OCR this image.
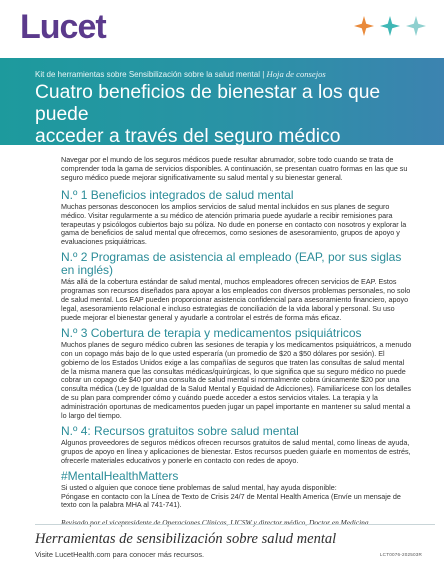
Lucet
Kit de herramientas sobre Sensibilización sobre la salud mental | Hoja de consejos
Cuatro beneficios de bienestar a los que puede
acceder a través del seguro médico

Navegar por el mundo de los seguros médicos puede resultar abrumador, sobre todo cuando se trata de comprender toda la gama de servicios disponibles. A continuación, se presentan cuatro formas en las que su seguro médico puede mejorar significativamente su salud mental y su bienestar general.

N.º 1 Beneficios integrados de salud mental

Muchas personas desconocen los amplios servicios de salud mental incluidos en sus planes de seguro médico. Visitar regularmente a su médico de atención primaria puede ayudarle a recibir remisiones para terapeutas y psicólogos cubiertos bajo su póliza. No dude en ponerse en contacto con nosotros y explorar la gama de beneficios de salud mental que ofrecemos, como sesiones de asesoramiento, grupos de apoyo y evaluaciones psiquiátricas.

N.º 2 Programas de asistencia al empleado (EAP, por sus siglas en inglés)

Más allá de la cobertura estándar de salud mental, muchos empleadores ofrecen servicios de EAP. Estos programas son recursos diseñados para apoyar a los empleados con diversos problemas personales, no solo de salud mental. Los EAP pueden proporcionar asistencia confidencial para asesoramiento financiero, apoyo legal, asesoramiento relacional e incluso estrategias de conciliación de la vida laboral y personal. Su uso puede mejorar el bienestar general y ayudarle a controlar el estrés de forma más eficaz.

N.º 3 Cobertura de terapia y medicamentos psiquiátricos

Muchos planes de seguro médico cubren las sesiones de terapia y los medicamentos psiquiátricos, a menudo con un copago más bajo de lo que usted esperaría (un promedio de $20 a $50 dólares por sesión). El gobierno de los Estados Unidos exige a las compañías de seguros que traten las consultas de salud mental de la misma manera que las consultas médicas/quirúrgicas, lo que significa que su seguro médico no puede cobrar un copago de $40 por una consulta de salud mental si normalmente cobra únicamente $20 por una consulta médica (Ley de Igualdad de la Salud Mental y Equidad de Adicciones). Familiarícese con los detalles de su plan para comprender cómo y cuándo puede acceder a estos servicios vitales. La terapia y la administración oportunas de medicamentos pueden jugar un papel importante en mantener su salud mental a lo largo del tiempo.

N.º 4: Recursos gratuitos sobre salud mental

Algunos proveedores de seguros médicos ofrecen recursos gratuitos de salud mental, como líneas de ayuda, grupos de apoyo en línea y aplicaciones de bienestar. Estos recursos pueden guiarle en momentos de estrés, ofrecerle materiales educativos y ponerle en contacto con redes de apoyo.

#MentalHealthMatters

Si usted o alguien que conoce tiene problemas de salud mental, hay ayuda disponible:

Póngase en contacto con la Línea de Texto de Crisis 24/7 de Mental Health America (Envíe un mensaje de texto con la palabra MHA al 741-741).

Revisado por el vicepresidente de Operaciones Clínicas, LICSW y director médico, Doctor en Medicina

Herramientas de sensibilización sobre salud mental

Visite LucetHealth.com para conocer más recursos.	LCT0076-202503R
